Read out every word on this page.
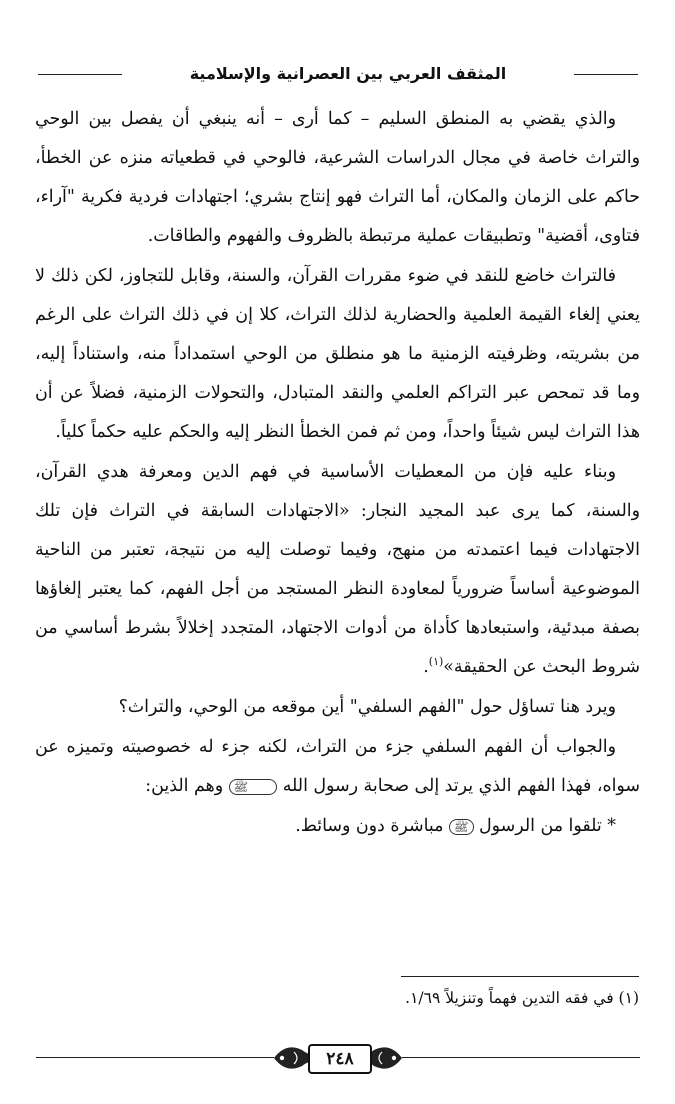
المثقف العربي بين العصرانية والإسلامية

والذي يقضي به المنطق السليم – كما أرى – أنه ينبغي أن يفصل بين الوحي والتراث خاصة في مجال الدراسات الشرعية، فالوحي في قطعياته منزه عن الخطأ، حاكم على الزمان والمكان، أما التراث فهو إنتاج بشري؛ اجتهادات فردية فكرية "آراء، فتاوى، أقضية" وتطبيقات عملية مرتبطة بالظروف والفهوم والطاقات.

فالتراث خاضع للنقد في ضوء مقررات القرآن، والسنة، وقابل للتجاوز، لكن ذلك لا يعني إلغاء القيمة العلمية والحضارية لذلك التراث، كلا إن في ذلك التراث على الرغم من بشريته، وظرفيته الزمنية ما هو منطلق من الوحي استمداداً منه، واستناداً إليه، وما قد تمحص عبر التراكم العلمي والنقد المتبادل، والتحولات الزمنية، فضلاً عن أن هذا التراث ليس شيئاً واحداً، ومن ثم فمن الخطأ النظر إليه والحكم عليه حكماً كلياً.

وبناء عليه فإن من المعطيات الأساسية في فهم الدين ومعرفة هدي القرآن، والسنة، كما يرى عبد المجيد النجار: «الاجتهادات السابقة في التراث فإن تلك الاجتهادات فيما اعتمدته من منهج، وفيما توصلت إليه من نتيجة، تعتبر من الناحية الموضوعية أساساً ضرورياً لمعاودة النظر المستجد من أجل الفهم، كما يعتبر إلغاؤها بصفة مبدئية، واستبعادها كأداة من أدوات الاجتهاد، المتجدد إخلالاً بشرط أساسي من شروط البحث عن الحقيقة»$^{(١)}$.

ويرد هنا تساؤل حول "الفهم السلفي" أين موقعه من الوحي، والتراث؟

والجواب أن الفهم السلفي جزء من التراث، لكنه جزء له خصوصيته وتميزه عن سواه، فهذا الفهم الذي يرتد إلى صحابة رسول الله ﷺ وهم الذين:

* تلقوا من الرسول ﷺ مباشرة دون وسائط.

(١) في فقه التدين فهماً وتنزيلاً ١/٦٩.
٢٤٨
